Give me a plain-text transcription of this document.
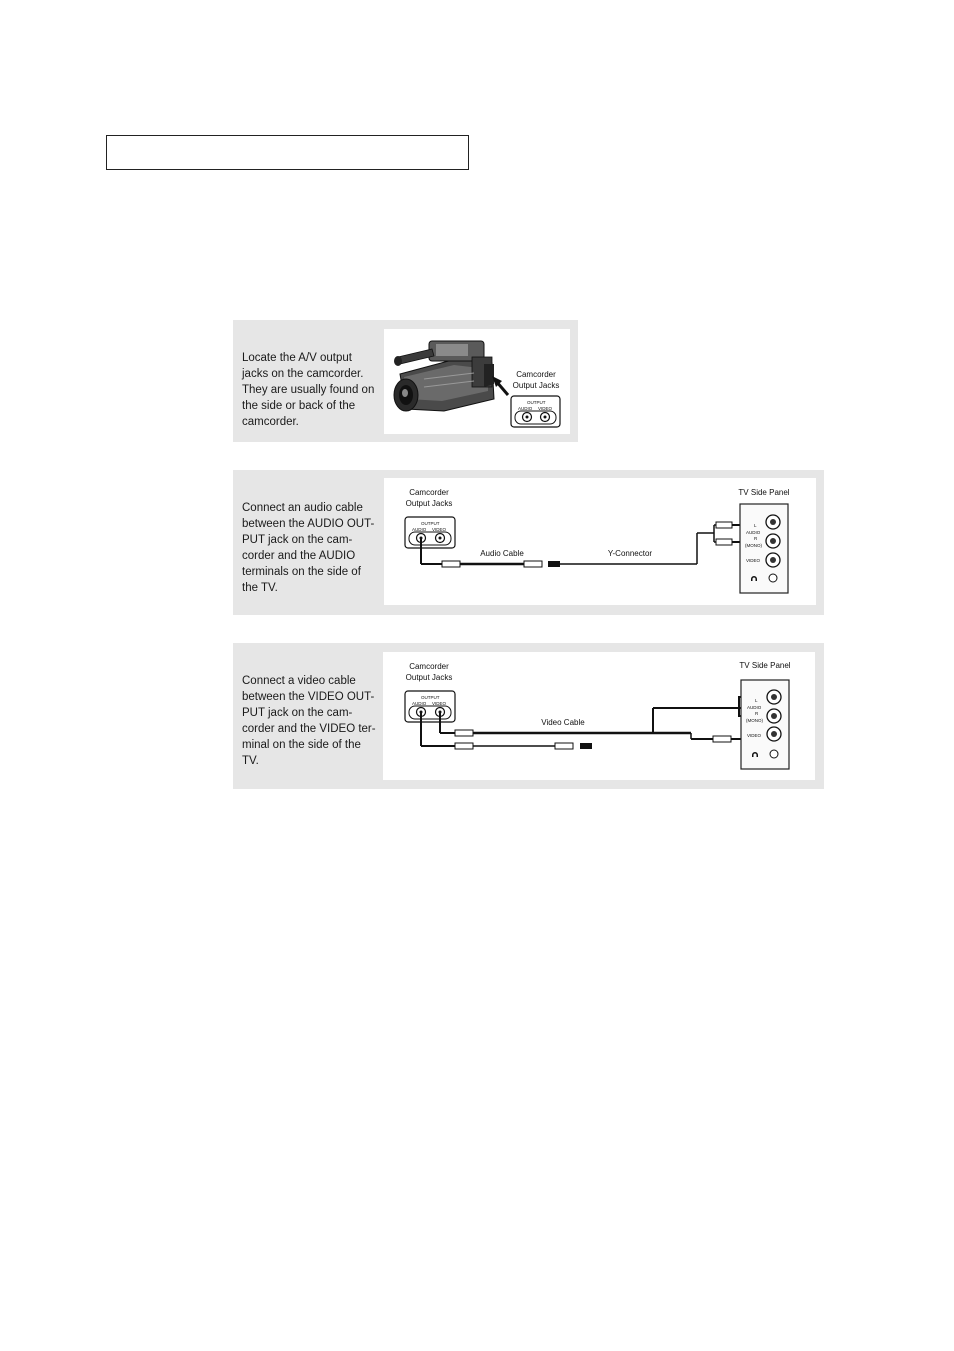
Locate the A/V output
jacks on the camcorder.
They are usually found on
the side or back of the
camcorder.
Camcorder
Output Jacks
OUTPUT
AUDIO VIDEO
Connect an audio cable
between the AUDIO OUT-
PUT jack on the cam-
corder and the AUDIO
terminals on the side of
the TV.
Camcorder
Output Jacks
TV Side Panel
Audio Cable	Y-Connector
OUTPUT
AUDIO VIDEO
L
AUDIO
R
(MONO)
VIDEO
Connect a video cable
between the VIDEO OUT-
PUT jack on the cam-
corder and the VIDEO ter-
minal on the side of the
TV.
Camcorder
Output Jacks
TV Side Panel
Video Cable
OUTPUT
AUDIO VIDEO
L
AUDIO
R
(MONO)
VIDEO
